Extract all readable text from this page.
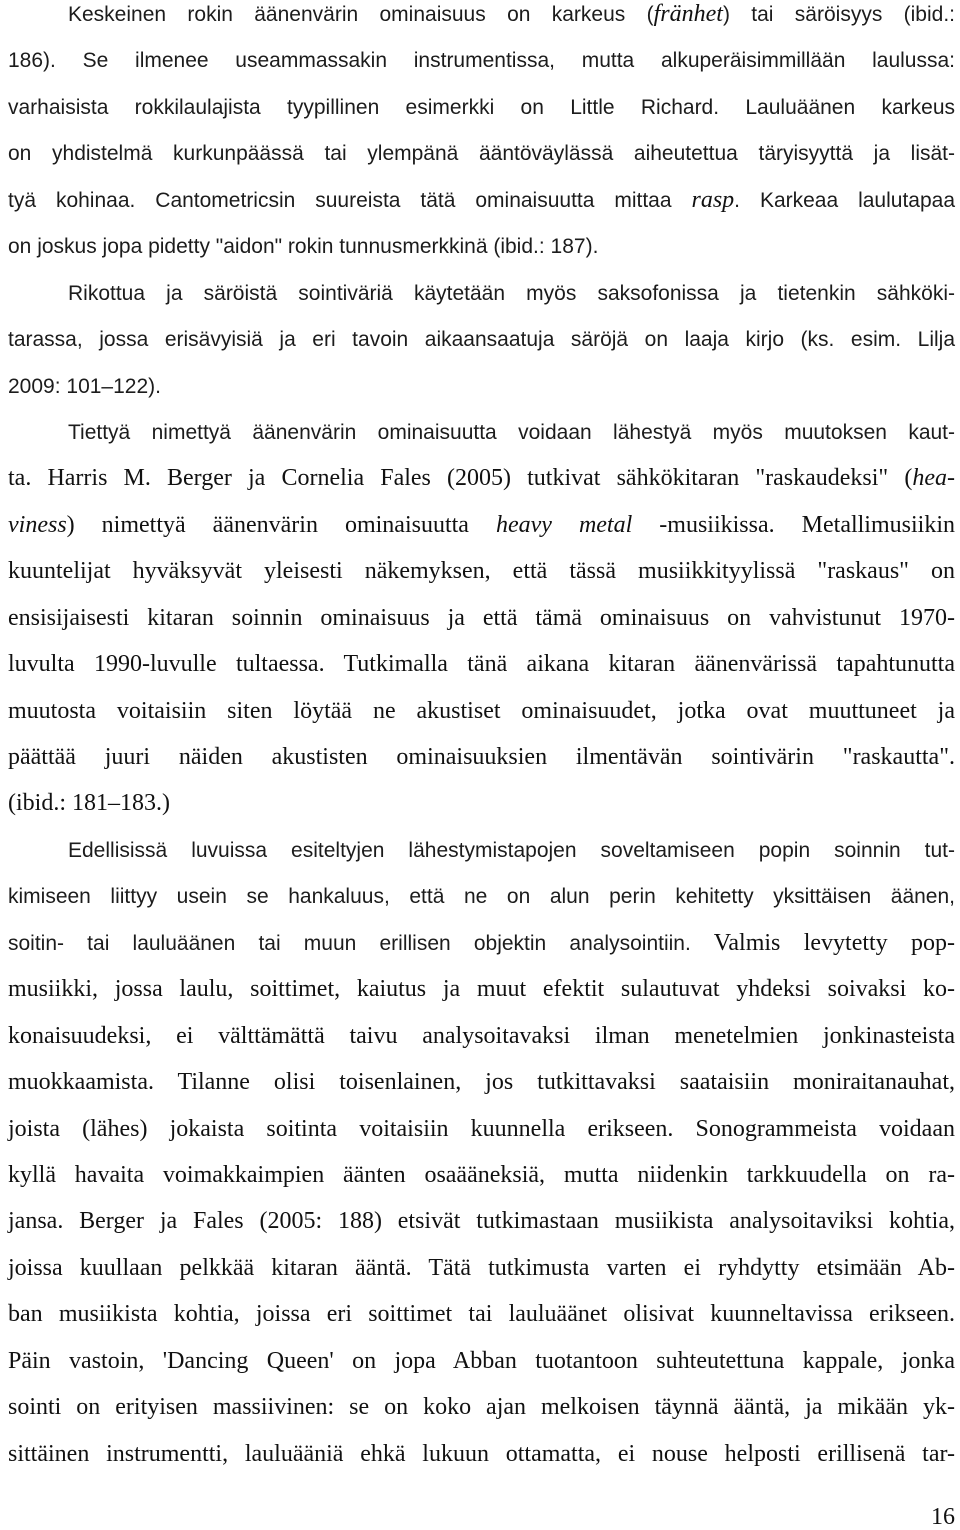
Keskeinen rokin äänenvärin ominaisuus on karkeus (fränhet) tai säröisyys (ibid.:
186). Se ilmenee useammassakin instrumentissa, mutta alkuperäisimmillään laulussa:
varhaisista rokkilaulajista tyypillinen esimerkki on Little Richard. Lauluäänen karkeus
on yhdistelmä kurkunpäässä tai ylempänä ääntöväylässä aiheutettua täryisyyttä ja lisät-
tyä kohinaa. Cantometricsin suureista tätä ominaisuutta mittaa rasp. Karkeaa laulutapaa
on joskus jopa pidetty "aidon" rokin tunnusmerkkinä (ibid.: 187).
Rikottua ja säröistä sointiväriä käytetään myös saksofonissa ja tietenkin sähköki-
tarassa, jossa erisävyisiä ja eri tavoin aikaansaatuja säröjä on laaja kirjo (ks. esim. Lilja
2009: 101–122).
Tiettyä nimettyä äänenvärin ominaisuutta voidaan lähestyä myös muutoksen kaut-
ta. Harris M. Berger ja Cornelia Fales (2005) tutkivat sähkökitaran "raskaudeksi" (hea-
viness) nimettyä äänenvärin ominaisuutta heavy metal -musiikissa. Metallimusiikin
kuuntelijat hyväksyvät yleisesti näkemyksen, että tässä musiikkityylissä "raskaus" on
ensisijaisesti kitaran soinnin ominaisuus ja että tämä ominaisuus on vahvistunut 1970-
luvulta 1990-luvulle tultaessa. Tutkimalla tänä aikana kitaran äänenvärissä tapahtunutta
muutosta voitaisiin siten löytää ne akustiset ominaisuudet, jotka ovat muuttuneet ja
päättää juuri näiden akustisten ominaisuuksien ilmentävän sointivärin "raskautta".
(ibid.: 181–183.)
Edellisissä luvuissa esiteltyjen lähestymistapojen soveltamiseen popin soinnin tut-
kimiseen liittyy usein se hankaluus, että ne on alun perin kehitetty yksittäisen äänen,
soitin- tai lauluäänen tai muun erillisen objektin analysointiin. Valmis levytetty pop-
musiikki, jossa laulu, soittimet, kaiutus ja muut efektit sulautuvat yhdeksi soivaksi ko-
konaisuudeksi, ei välttämättä taivu analysoitavaksi ilman menetelmien jonkinasteista
muokkaamista. Tilanne olisi toisenlainen, jos tutkittavaksi saataisiin moniraitanauhat,
joista (lähes) jokaista soitinta voitaisiin kuunnella erikseen. Sonogrammeista voidaan
kyllä havaita voimakkaimpien äänten osaääneksiä, mutta niidenkin tarkkuudella on ra-
jansa. Berger ja Fales (2005: 188) etsivät tutkimastaan musiikista analysoitaviksi kohtia,
joissa kuullaan pelkkää kitaran ääntä. Tätä tutkimusta varten ei ryhdytty etsimään Ab-
ban musiikista kohtia, joissa eri soittimet tai lauluäänet olisivat kuunneltavissa erikseen.
Päin vastoin, 'Dancing Queen' on jopa Abban tuotantoon suhteutettuna kappale, jonka
sointi on erityisen massiivinen: se on koko ajan melkoisen täynnä ääntä, ja mikään yk-
sittäinen instrumentti, lauluääniä ehkä lukuun ottamatta, ei nouse helposti erillisenä tar-
16
